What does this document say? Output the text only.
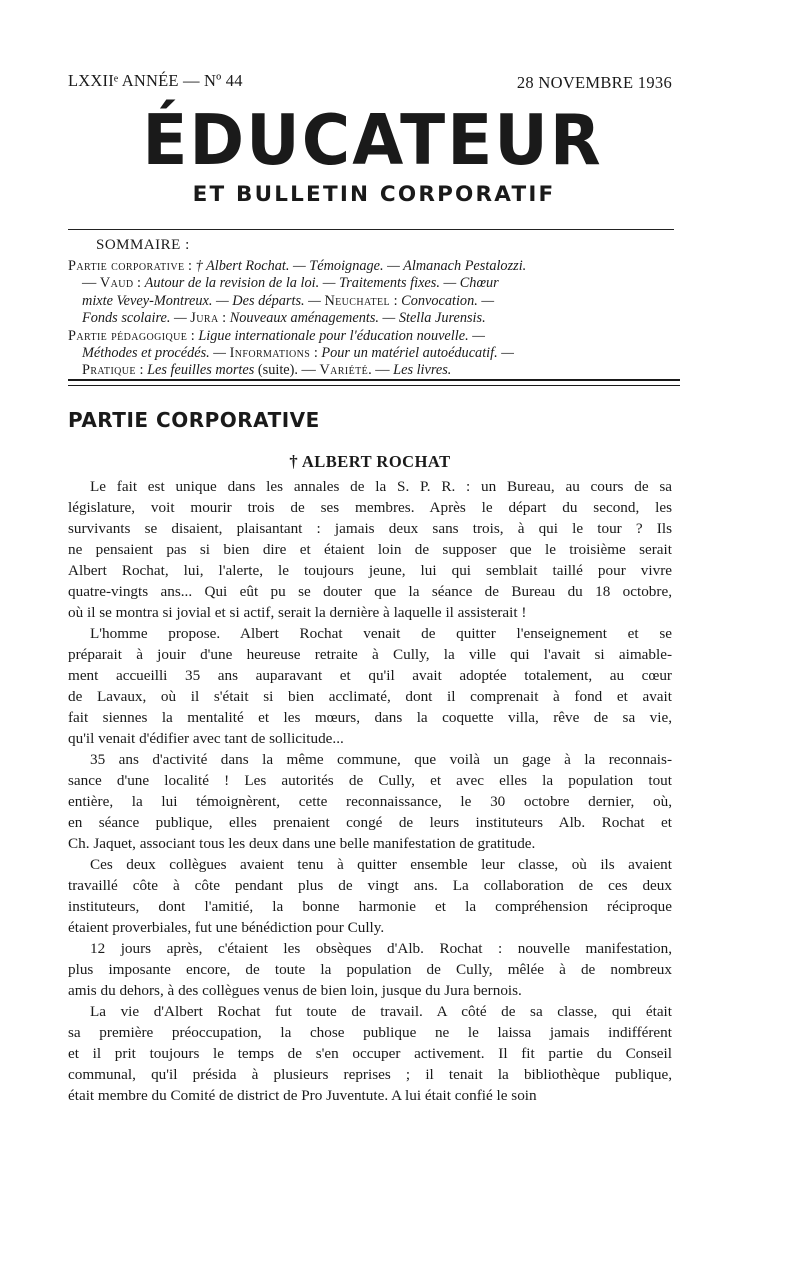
LXXIIᵉ ANNÉE — Nº 44	28 NOVEMBRE 1936
ÉDUCATEUR
ET BULLETIN CORPORATIF
SOMMAIRE :

Partie corporative : † Albert Rochat. — Témoignage. — Almanach Pestalozzi.

— Vaud : Autour de la revision de la loi. — Traitements fixes. — Chœur

mixte Vevey-Montreux. — Des départs. — Neuchatel : Convocation. —

Fonds scolaire. — Jura : Nouveaux aménagements. — Stella Jurensis.

Partie pédagogique : Ligue internationale pour l'éducation nouvelle. —

Méthodes et procédés. — Informations : Pour un matériel autoéducatif. —

Pratique : Les feuilles mortes (suite). — Variété. — Les livres.

PARTIE CORPORATIVE
† ALBERT ROCHAT
Le fait est unique dans les annales de la S. P. R. : un Bureau, au cours de sa
législature, voit mourir trois de ses membres. Après le départ du second, les
survivants se disaient, plaisantant : jamais deux sans trois, à qui le tour ? Ils
ne pensaient pas si bien dire et étaient loin de supposer que le troisième serait
Albert Rochat, lui, l'alerte, le toujours jeune, lui qui semblait taillé pour vivre
quatre-vingts ans... Qui eût pu se douter que la séance de Bureau du 18 octobre,
où il se montra si jovial et si actif, serait la dernière à laquelle il assisterait !
L'homme propose. Albert Rochat venait de quitter l'enseignement et se
préparait à jouir d'une heureuse retraite à Cully, la ville qui l'avait si aimable-
ment accueilli 35 ans auparavant et qu'il avait adoptée totalement, au cœur
de Lavaux, où il s'était si bien acclimaté, dont il comprenait à fond et avait
fait siennes la mentalité et les mœurs, dans la coquette villa, rêve de sa vie,
qu'il venait d'édifier avec tant de sollicitude...
35 ans d'activité dans la même commune, que voilà un gage à la reconnais-
sance d'une localité ! Les autorités de Cully, et avec elles la population tout
entière, la lui témoignèrent, cette reconnaissance, le 30 octobre dernier, où,
en séance publique, elles prenaient congé de leurs instituteurs Alb. Rochat et
Ch. Jaquet, associant tous les deux dans une belle manifestation de gratitude.
Ces deux collègues avaient tenu à quitter ensemble leur classe, où ils avaient
travaillé côte à côte pendant plus de vingt ans. La collaboration de ces deux
instituteurs, dont l'amitié, la bonne harmonie et la compréhension réciproque
étaient proverbiales, fut une bénédiction pour Cully.
12 jours après, c'étaient les obsèques d'Alb. Rochat : nouvelle manifestation,
plus imposante encore, de toute la population de Cully, mêlée à de nombreux
amis du dehors, à des collègues venus de bien loin, jusque du Jura bernois.
La vie d'Albert Rochat fut toute de travail. A côté de sa classe, qui était
sa première préoccupation, la chose publique ne le laissa jamais indifférent
et il prit toujours le temps de s'en occuper activement. Il fit partie du Conseil
communal, qu'il présida à plusieurs reprises ; il tenait la bibliothèque publique,
était membre du Comité de district de Pro Juventute. A lui était confié le soin
